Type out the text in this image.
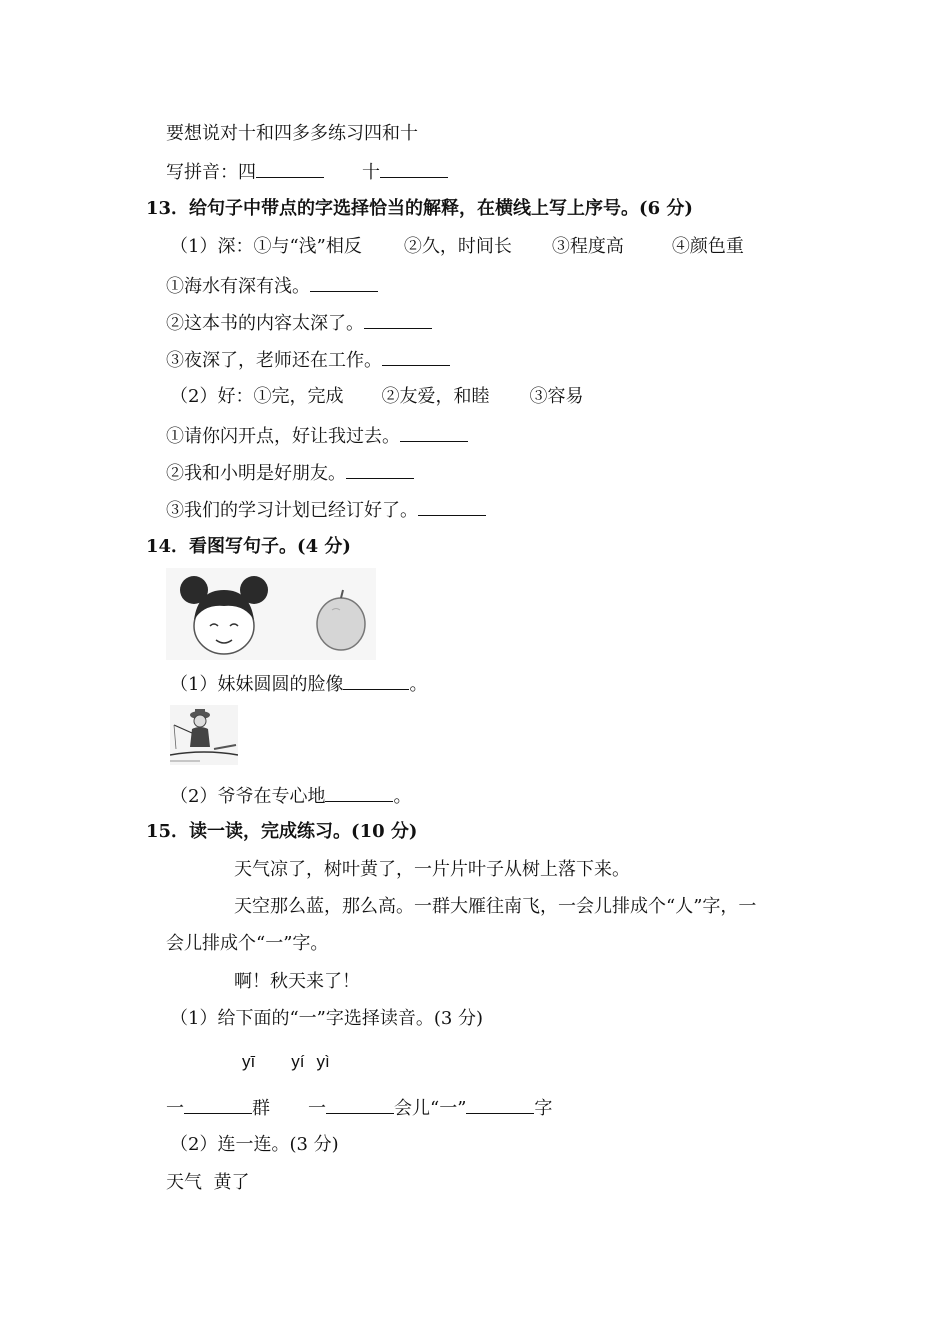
要想说对十和四多多练习四和十
写拼音：四	十
13．给句子中带点的字选择恰当的解释，在横线上写上序号。(6 分)
（1）深：①与“浅”相反 ②久，时间长 ③程度高	④颜色重
①海水有深有浅。
②这本书的内容太深了。
③夜深了，老师还在工作。
（2）好：①完，完成 ②友爱，和睦 ③容易
①请你闪开点，好让我过去。
②我和小明是好朋友。
③我们的学习计划已经订好了。
14．看图写句子。(4 分)
（1）妹妹圆圆的脸像	。
（2）爷爷在专心地	。
15．读一读，完成练习。(10 分)
天气凉了，树叶黄了，一片片叶子从树上落下来。
天空那么蓝，那么高。一群大雁往南飞，一会儿排成个“人”字，一
会儿排成个“一”字。
啊！秋天来了！
（1）给下面的“一”字选择读音。(3 分)
yī yí yì
一	群 一	会儿“一”	字
（2）连一连。(3 分)
天气  黄了
